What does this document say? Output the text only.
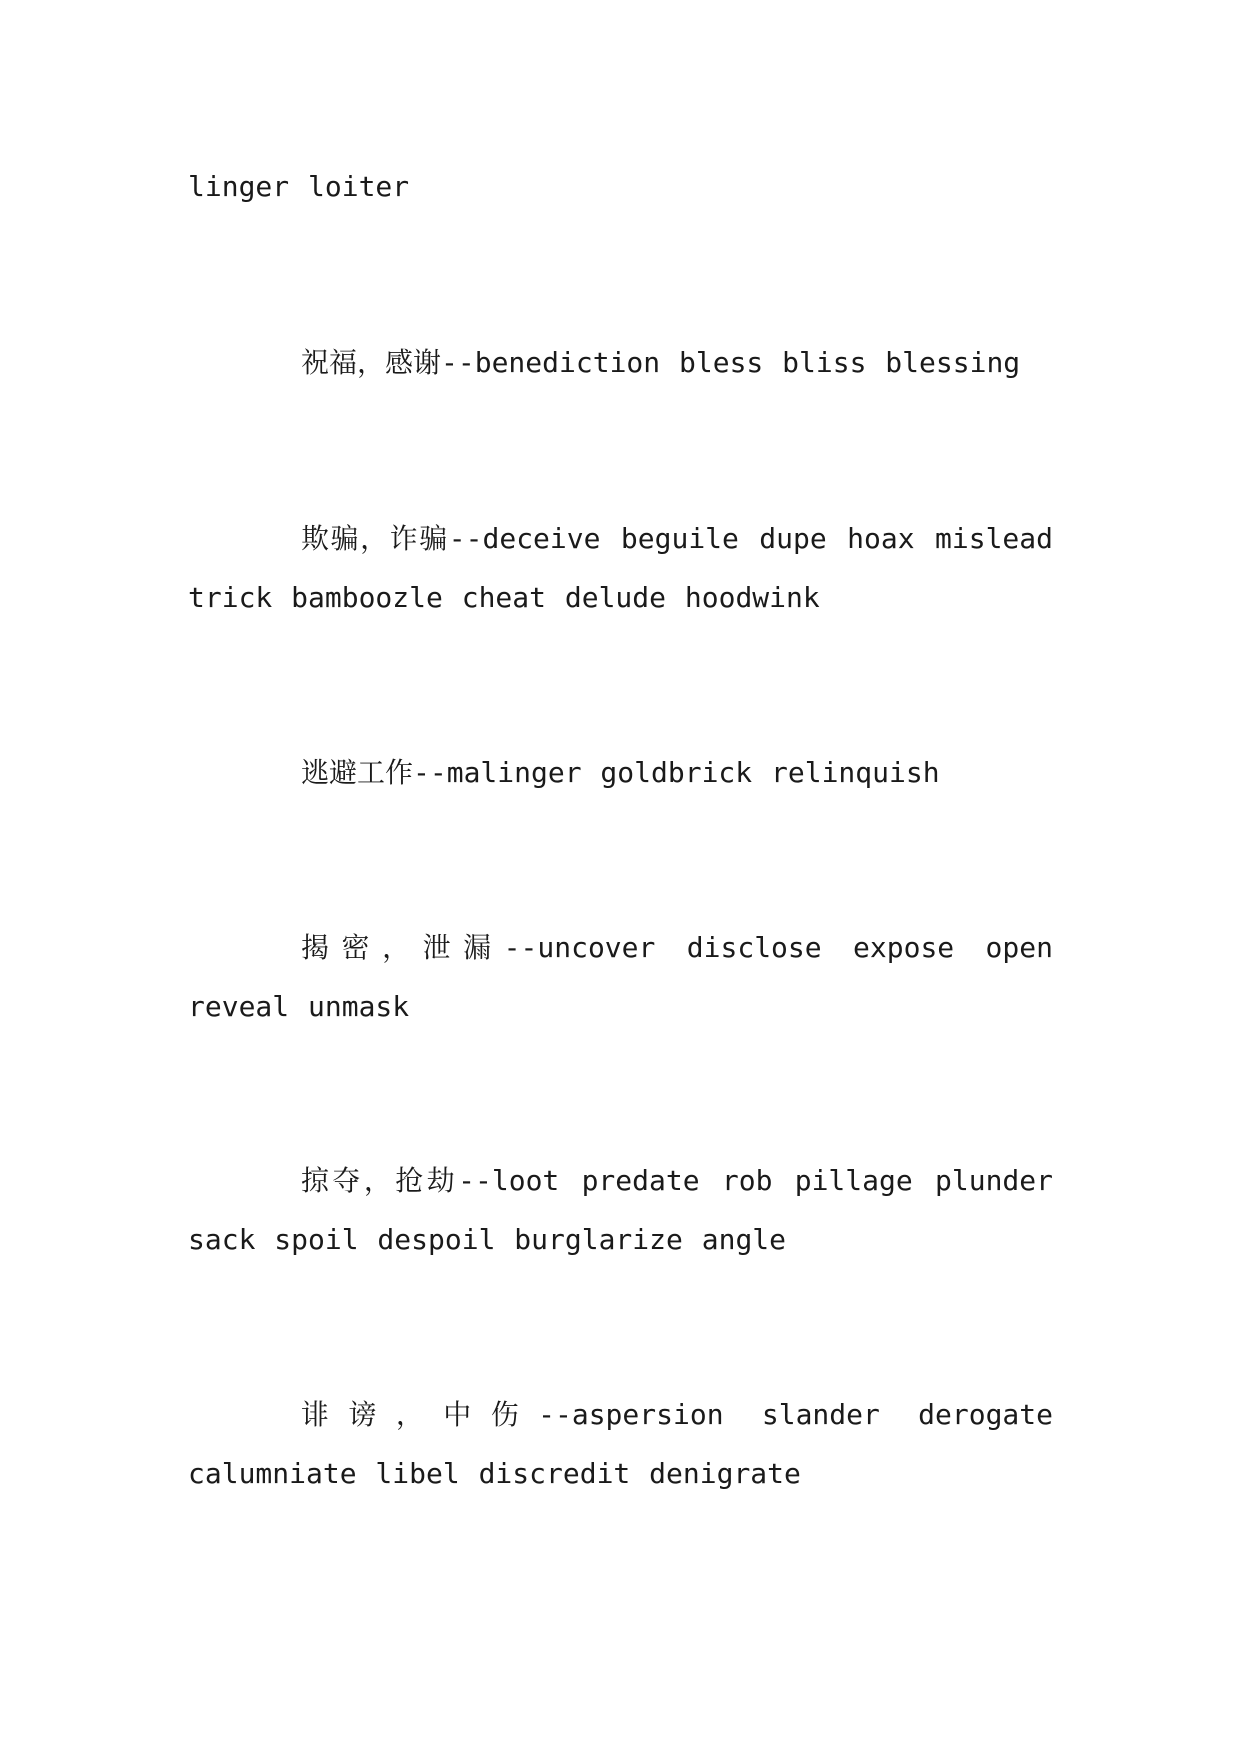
linger loiter

祝福，感谢--benediction bless bliss blessing

欺骗，诈骗--deceive beguile dupe hoax mislead trick bamboozle cheat delude hoodwink

逃避工作--malinger goldbrick relinquish

揭密，泄漏--uncover disclose expose open reveal unmask

掠夺，抢劫--loot predate rob pillage plunder sack spoil despoil burglarize angle

诽谤，中伤--aspersion slander derogate calumniate libel discredit denigrate
